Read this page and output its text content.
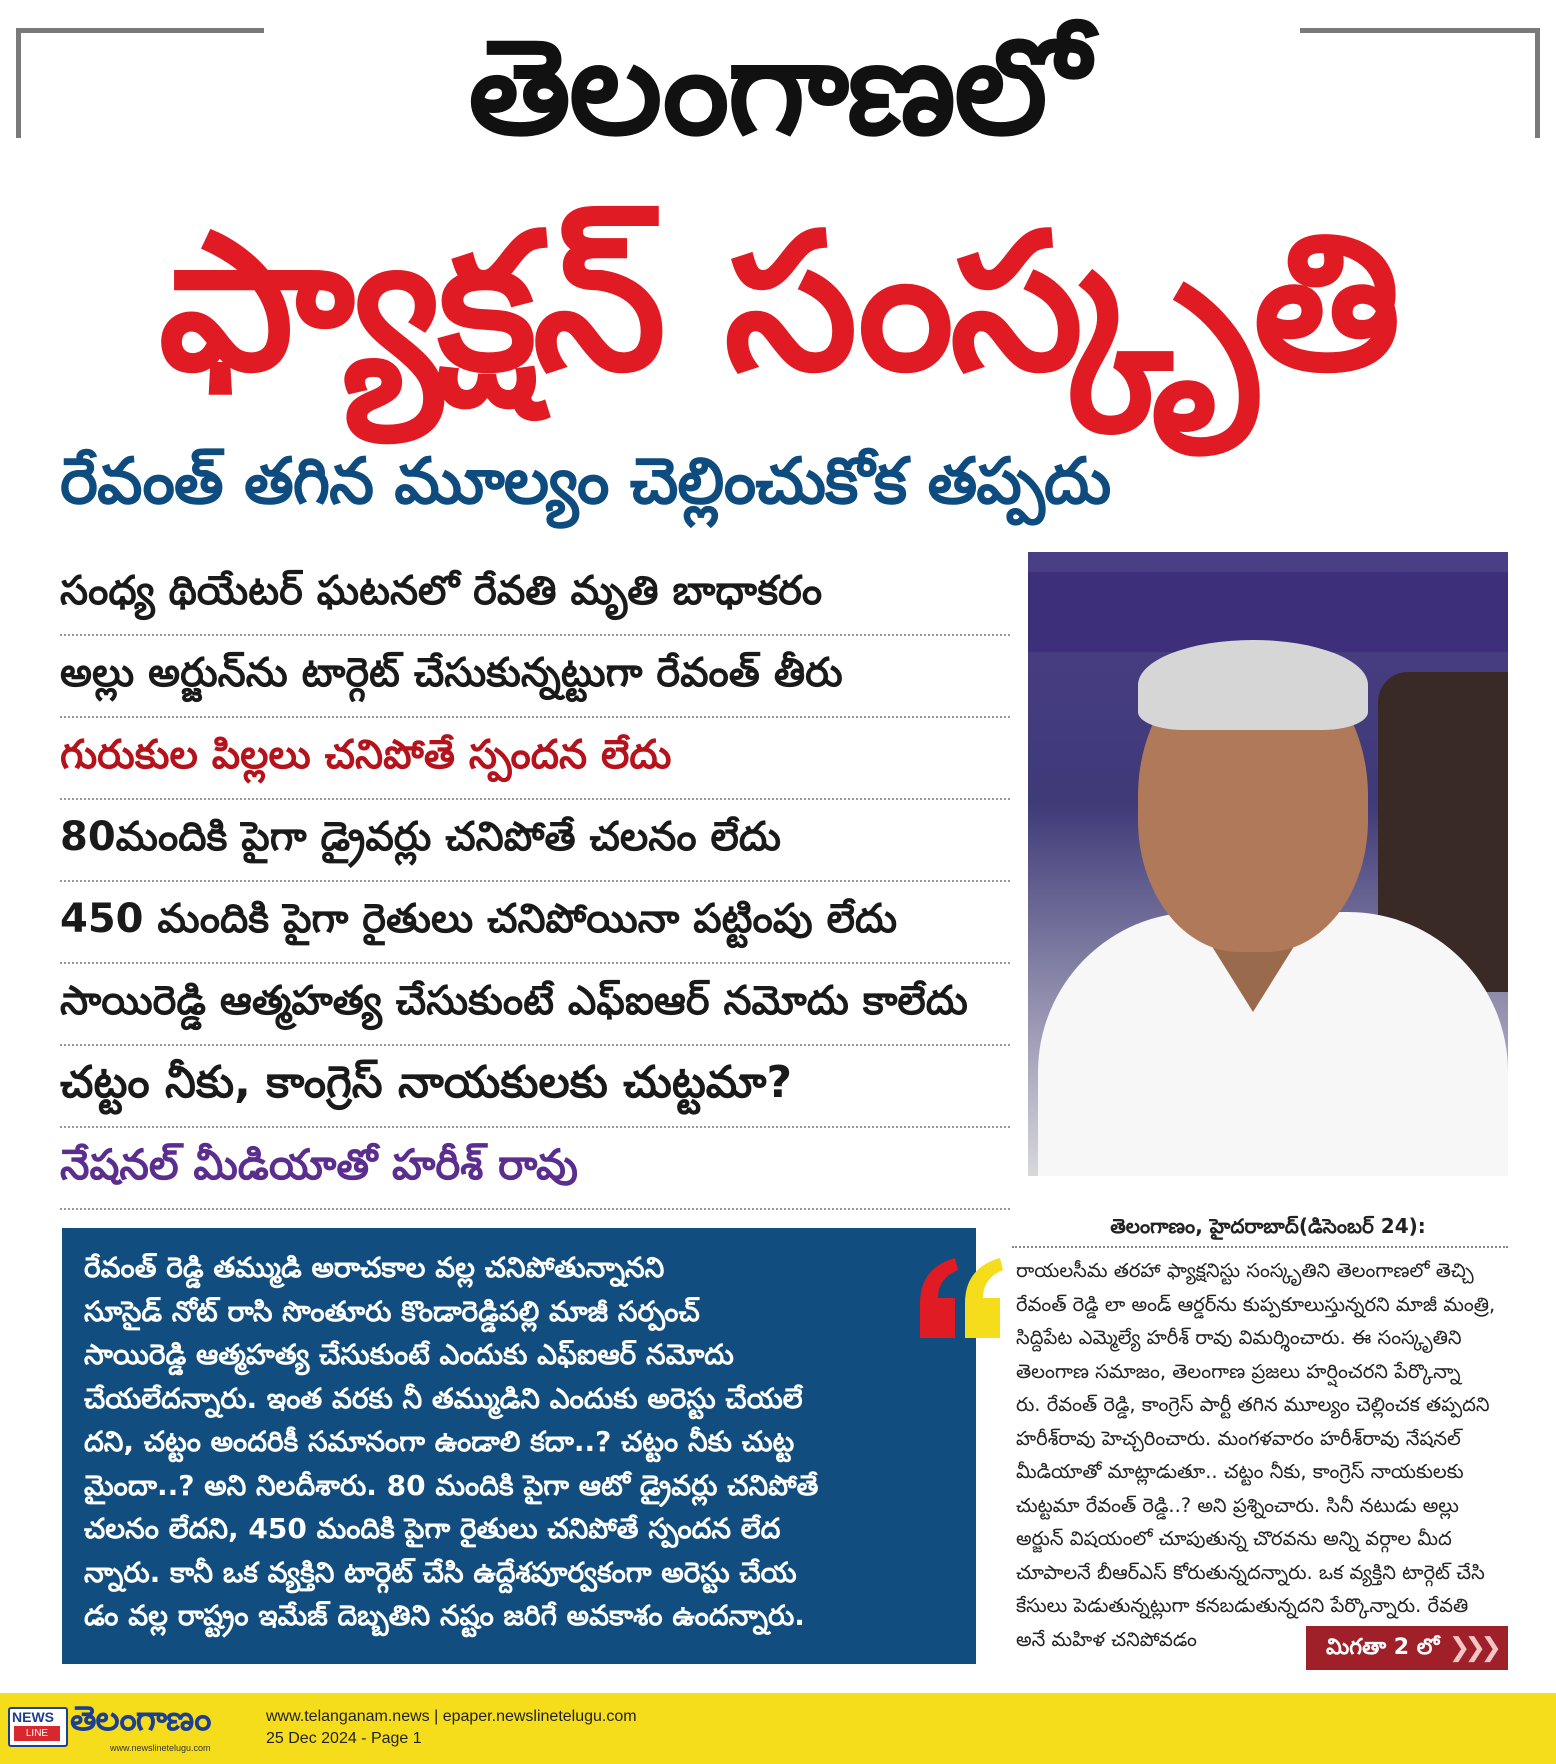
తెలంగాణలో
ఫ్యాక్షన్ సంస్కృతి
రేవంత్ తగిన మూల్యం చెల్లించుకోక తప్పదు
సంధ్య థియేటర్ ఘటనలో రేవతి మృతి బాధాకరం
అల్లు అర్జున్‌ను టార్గెట్ చేసుకున్నట్టుగా రేవంత్ తీరు
గురుకుల పిల్లలు చనిపోతే స్పందన లేదు
80మందికి పైగా డ్రైవర్లు చనిపోతే చలనం లేదు
450 మందికి పైగా రైతులు చనిపోయినా పట్టింపు లేదు
సాయిరెడ్డి ఆత్మహత్య చేసుకుంటే ఎఫ్ఐఆర్ నమోదు కాలేదు
చట్టం నీకు, కాంగ్రెస్ నాయకులకు చుట్టమా?
నేషనల్ మీడియాతో హరీశ్ రావు
తెలంగాణం, హైదరాబాద్(డిసెంబర్ 24):
రాయలసీమ తరహా ఫ్యాక్షనిస్టు సంస్కృతిని తెలంగాణలో తెచ్చి
రేవంత్ రెడ్డి లా అండ్ ఆర్డర్‌ను కుప్పకూలుస్తున్నరని మాజీ మంత్రి,
సిద్దిపేట ఎమ్మెల్యే హరీశ్ రావు విమర్శించారు. ఈ సంస్కృతిని
తెలంగాణ సమాజం, తెలంగాణ ప్రజలు హర్షించరని పేర్కొన్నా
రు. రేవంత్ రెడ్డి, కాంగ్రెస్ పార్టీ తగిన మూల్యం చెల్లించక తప్పదని
హరీశ్‌రావు హెచ్చరించారు. మంగళవారం హరీశ్‌రావు నేషనల్
మీడియాతో మాట్లాడుతూ.. చట్టం నీకు, కాంగ్రెస్ నాయకులకు
చుట్టమా రేవంత్ రెడ్డి..? అని ప్రశ్నించారు. సినీ నటుడు అల్లు
అర్జున్ విషయంలో చూపుతున్న చొరవను అన్ని వర్గాల మీద
చూపాలనే బీఆర్ఎస్ కోరుతున్నదన్నారు. ఒక వ్యక్తిని టార్గెట్ చేసి
కేసులు పెడుతున్నట్లుగా కనబడుతున్నదని పేర్కొన్నారు. రేవతి
అనే మహిళ చనిపోవడం	మిగతా 2 లో ❯❯❯
రేవంత్ రెడ్డి తమ్ముడి అరాచకాల వల్ల చనిపోతున్నానని
సూసైడ్ నోట్ రాసి సొంతూరు కొండారెడ్డిపల్లి మాజీ సర్పంచ్
సాయిరెడ్డి ఆత్మహత్య చేసుకుంటే ఎందుకు ఎఫ్ఐఆర్ నమోదు
చేయలేదన్నారు. ఇంత వరకు నీ తమ్ముడిని ఎందుకు అరెస్టు చేయలే
దని, చట్టం అందరికీ సమానంగా ఉండాలి కదా..? చట్టం నీకు చుట్ట
మైందా..? అని నిలదీశారు. 80 మందికి పైగా ఆటో డ్రైవర్లు చనిపోతే
చలనం లేదని, 450 మందికి పైగా రైతులు చనిపోతే స్పందన లేద
న్నారు. కానీ ఒక వ్యక్తిని టార్గెట్ చేసి ఉద్దేశపూర్వకంగా అరెస్టు చేయ
డం వల్ల రాష్ట్రం ఇమేజ్ దెబ్బతిని నష్టం జరిగే అవకాశం ఉందన్నారు.
NEWS
LINE తెలంగాణం
www.newslinetelugu.com
www.telanganam.news | epaper.newslinetelugu.com
25 Dec 2024 - Page 1
